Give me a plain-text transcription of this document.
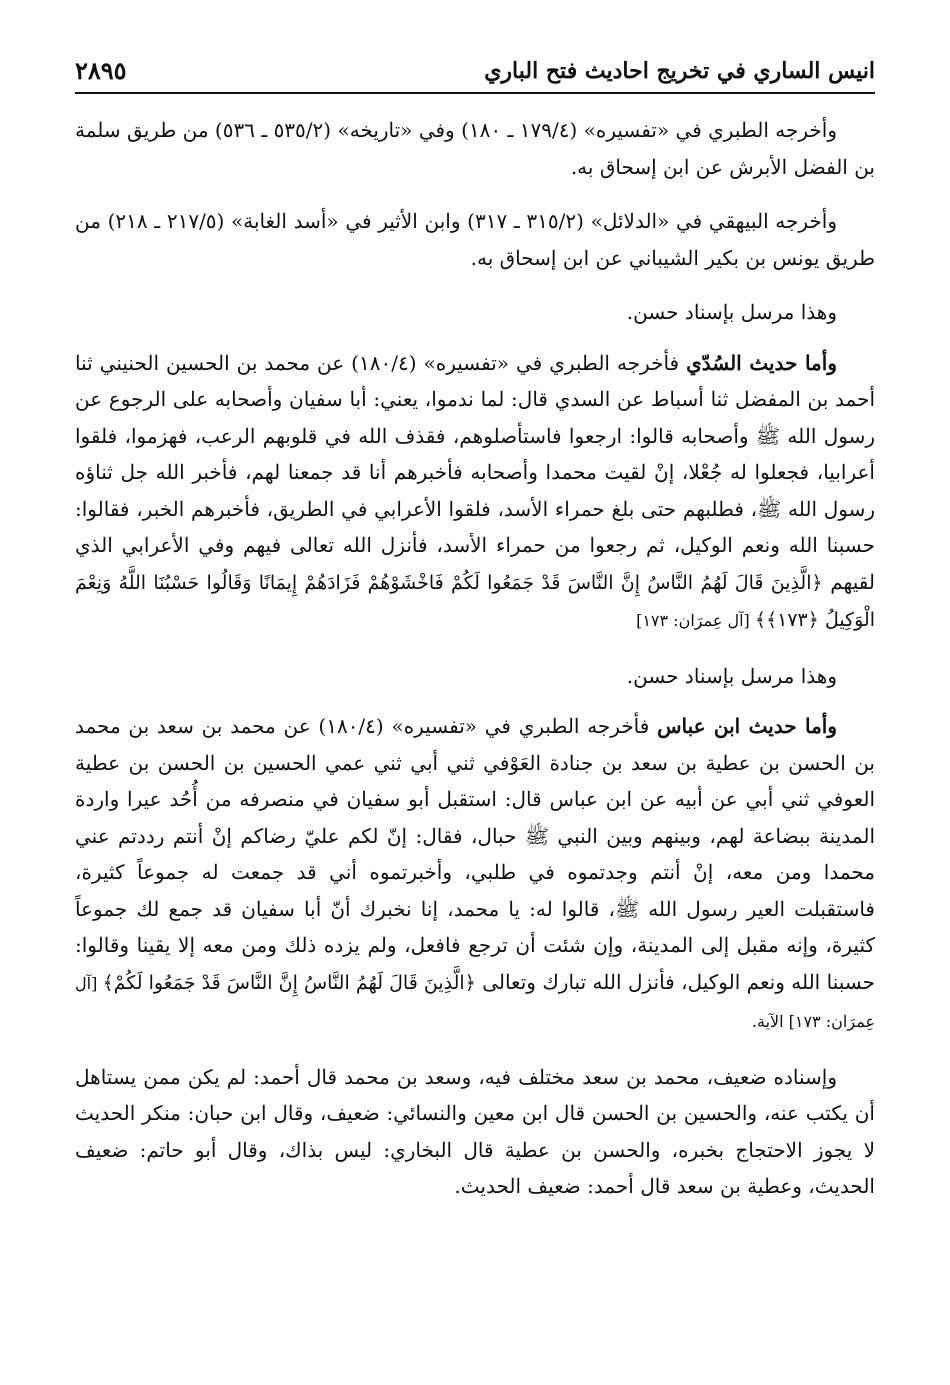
انيس الساري في تخريج احاديث فتح الباري
٢٨٩٥

وأخرجه الطبري في «تفسيره» (١٧٩/٤ ـ ١٨٠) وفي «تاريخه» (٥٣٥/٢ ـ ٥٣٦) من طريق سلمة بن الفضل الأبرش عن ابن إسحاق به.

وأخرجه البيهقي في «الدلائل» (٣١٥/٢ ـ ٣١٧) وابن الأثير في «أسد الغابة» (٢١٧/٥ ـ ٢١٨) من طريق يونس بن بكير الشيباني عن ابن إسحاق به.

وهذا مرسل بإسناد حسن.

وأما حديث السُدّي فأخرجه الطبري في «تفسيره» (١٨٠/٤) عن محمد بن الحسين الحنيني ثنا أحمد بن المفضل ثنا أسباط عن السدي قال: لما ندموا، يعني: أبا سفيان وأصحابه على الرجوع عن رسول الله ﷺ وأصحابه قالوا: ارجعوا فاستأصلوهم، فقذف الله في قلوبهم الرعب، فهزموا، فلقوا أعرابيا، فجعلوا له جُعْلا، إنْ لقيت محمدا وأصحابه فأخبرهم أنا قد جمعنا لهم، فأخبر الله جل ثناؤه رسول الله ﷺ، فطلبهم حتى بلغ حمراء الأسد، فلقوا الأعرابي في الطريق، فأخبرهم الخبر، فقالوا: حسبنا الله ونعم الوكيل، ثم رجعوا من حمراء الأسد، فأنزل الله تعالى فيهم وفي الأعرابي الذي لقيهم ﴿الَّذِينَ قَالَ لَهُمُ النَّاسُ إِنَّ النَّاسَ قَدْ جَمَعُوا لَكُمْ فَاخْشَوْهُمْ فَزَادَهُمْ إِيمَانًا وَقَالُوا حَسْبُنَا اللَّهُ وَنِعْمَ الْوَكِيلُ ﴿١٧٣﴾﴾ [آل عِمرَان: ١٧٣]

وهذا مرسل بإسناد حسن.

وأما حديث ابن عباس فأخرجه الطبري في «تفسيره» (١٨٠/٤) عن محمد بن سعد بن محمد بن الحسن بن عطية بن سعد بن جنادة العَوْفي ثني أبي ثني عمي الحسين بن الحسن بن عطية العوفي ثني أبي عن أبيه عن ابن عباس قال: استقبل أبو سفيان في منصرفه من أُحُد عيرا واردة المدينة ببضاعة لهم، وبينهم وبين النبي ﷺ حبال، فقال: إنّ لكم عليّ رضاكم إنْ أنتم رددتم عني محمدا ومن معه، إنْ أنتم وجدتموه في طلبي، وأخبرتموه أني قد جمعت له جموعاً كثيرة، فاستقبلت العير رسول الله ﷺ، قالوا له: يا محمد، إنا نخبرك أنّ أبا سفيان قد جمع لك جموعاً كثيرة، وإنه مقبل إلى المدينة، وإن شئت أن ترجع فافعل، ولم يزده ذلك ومن معه إلا يقينا وقالوا: حسبنا الله ونعم الوكيل، فأنزل الله تبارك وتعالى ﴿الَّذِينَ قَالَ لَهُمُ النَّاسُ إِنَّ النَّاسَ قَدْ جَمَعُوا لَكُمْ﴾ [آل عِمرَان: ١٧٣] الآية.

وإسناده ضعيف، محمد بن سعد مختلف فيه، وسعد بن محمد قال أحمد: لم يكن ممن يستاهل أن يكتب عنه، والحسين بن الحسن قال ابن معين والنسائي: ضعيف، وقال ابن حبان: منكر الحديث لا يجوز الاحتجاج بخبره، والحسن بن عطية قال البخاري: ليس بذاك، وقال أبو حاتم: ضعيف الحديث، وعطية بن سعد قال أحمد: ضعيف الحديث.
